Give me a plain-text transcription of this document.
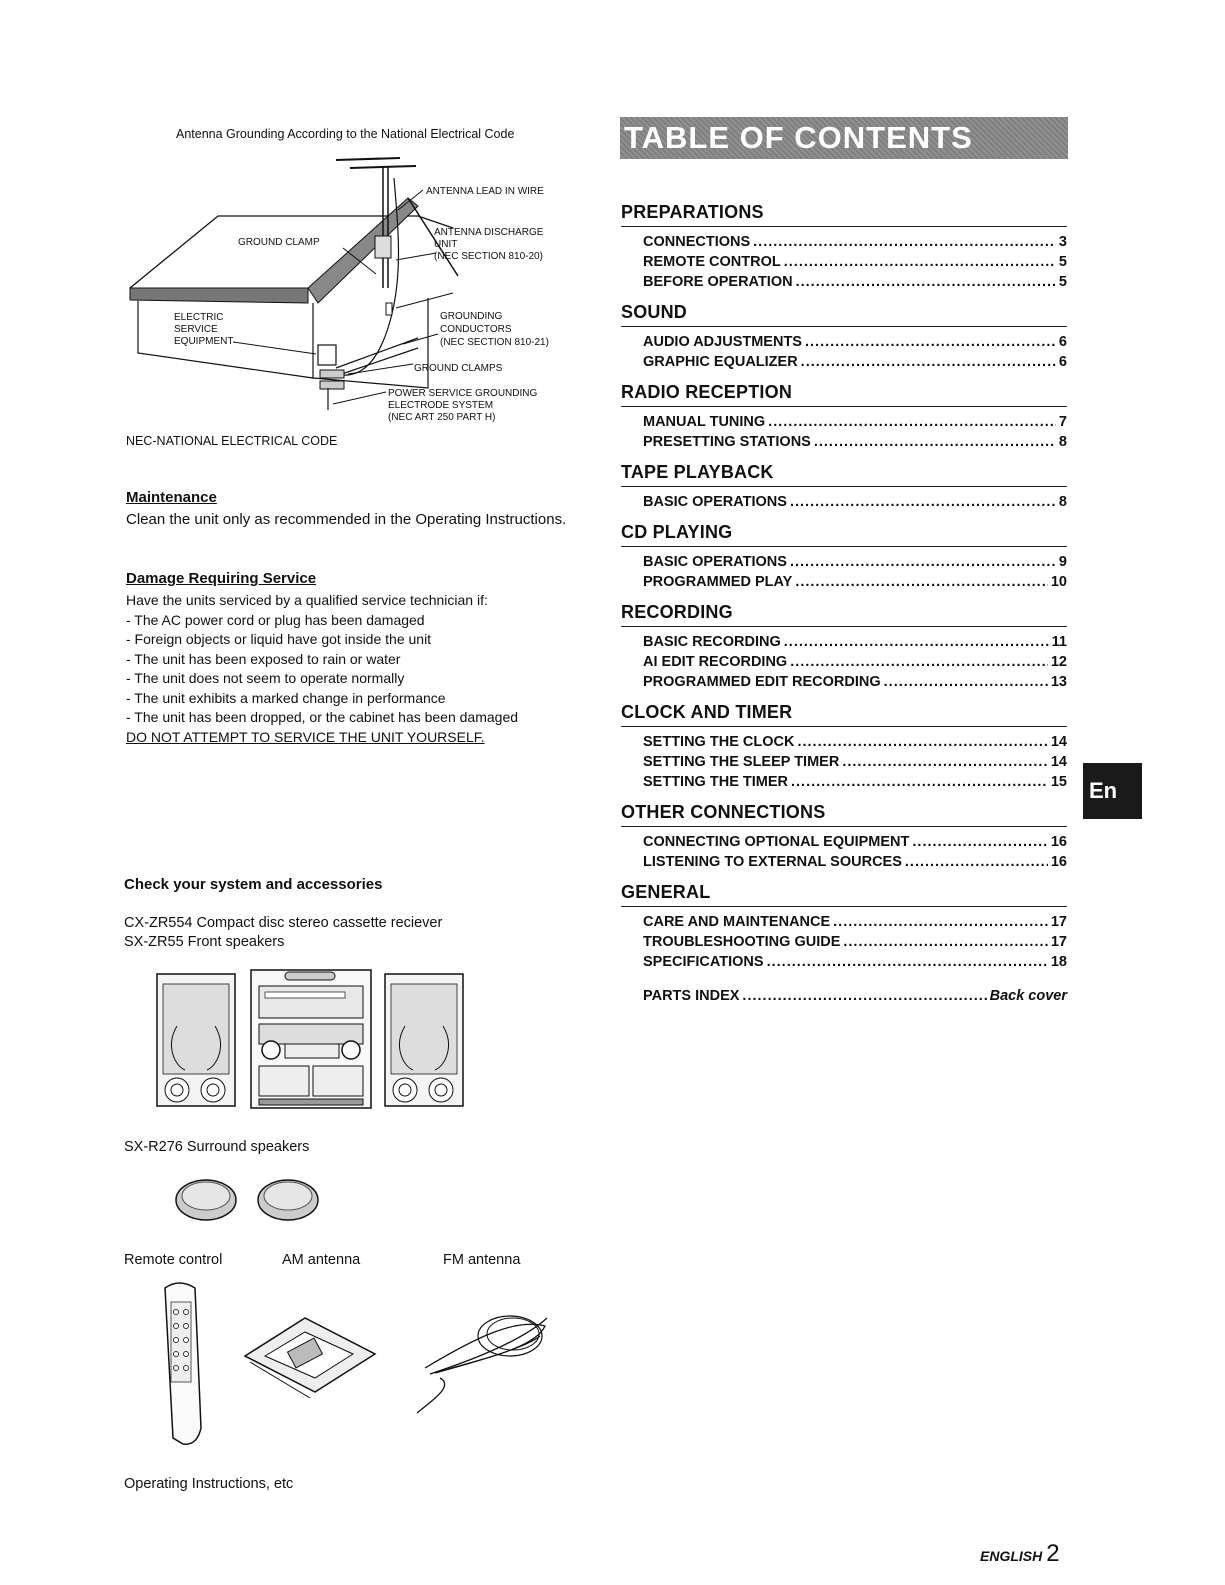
Antenna Grounding According to the National Electrical Code
ANTENNA LEAD IN WIRE
ANTENNA DISCHARGE
UNIT
(NEC SECTION 810-20)
GROUND CLAMP
ELECTRIC
SERVICE
EQUIPMENT
GROUNDING
CONDUCTORS
(NEC SECTION 810-21)
GROUND CLAMPS
POWER SERVICE GROUNDING
ELECTRODE SYSTEM
(NEC ART 250 PART H)
NEC-NATIONAL ELECTRICAL CODE
Maintenance
Clean the unit only as recommended in the Operating Instructions.
Damage Requiring Service
Have the units serviced by a qualified service technician if:
- The AC power cord or plug has been damaged
- Foreign objects or liquid have got inside the unit
- The unit has been exposed to rain or water
- The unit does not seem to operate normally
- The unit exhibits a marked change in performance
- The unit has been dropped, or the cabinet has been damaged
DO NOT ATTEMPT TO SERVICE THE UNIT YOURSELF.
Check your system and accessories
CX-ZR554 Compact disc stereo cassette reciever
SX-ZR55 Front speakers
SX-R276 Surround speakers
Remote control	AM antenna	FM antenna
Operating Instructions, etc
TABLE OF CONTENTS
PREPARATIONS
CONNECTIONS .....	3
REMOTE CONTROL .....	5
BEFORE OPERATION .....	5
SOUND
AUDIO ADJUSTMENTS .....	6
GRAPHIC EQUALIZER .....	6
RADIO RECEPTION
MANUAL TUNING .....	7
PRESETTING STATIONS .....	8
TAPE PLAYBACK
BASIC OPERATIONS .....	8
CD PLAYING
BASIC OPERATIONS .....	9
PROGRAMMED PLAY .....	10
RECORDING
BASIC RECORDING .....	11
AI EDIT RECORDING .....	12
PROGRAMMED EDIT RECORDING .....	13
CLOCK AND TIMER
SETTING THE CLOCK .....	14
SETTING THE SLEEP TIMER .....	14
SETTING THE TIMER .....	15
OTHER CONNECTIONS
CONNECTING OPTIONAL EQUIPMENT .....	16
LISTENING TO EXTERNAL SOURCES .....	16
GENERAL
CARE AND MAINTENANCE .....	17
TROUBLESHOOTING GUIDE .....	17
SPECIFICATIONS .....	18
PARTS INDEX .....	Back cover
En
ENGLISH 2
